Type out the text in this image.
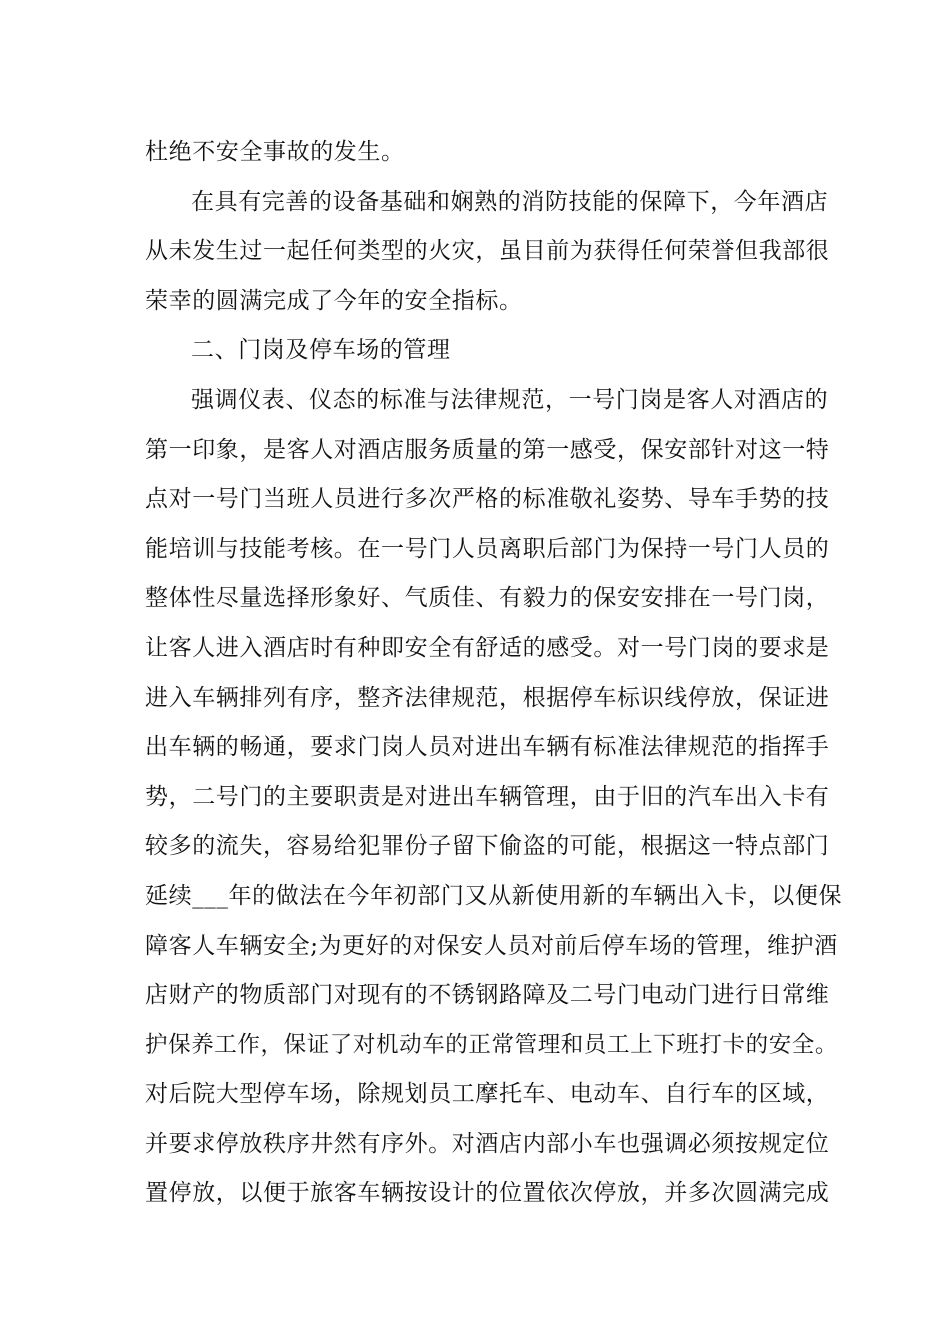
杜绝不安全事故的发生。
在具有完善的设备基础和娴熟的消防技能的保障下，今年酒店
从未发生过一起任何类型的火灾，虽目前为获得任何荣誉但我部很
荣幸的圆满完成了今年的安全指标。
二、门岗及停车场的管理
强调仪表、仪态的标准与法律规范，一号门岗是客人对酒店的
第一印象，是客人对酒店服务质量的第一感受，保安部针对这一特
点对一号门当班人员进行多次严格的标准敬礼姿势、导车手势的技
能培训与技能考核。在一号门人员离职后部门为保持一号门人员的
整体性尽量选择形象好、气质佳、有毅力的保安安排在一号门岗，
让客人进入酒店时有种即安全有舒适的感受。对一号门岗的要求是
进入车辆排列有序，整齐法律规范，根据停车标识线停放，保证进
出车辆的畅通，要求门岗人员对进出车辆有标准法律规范的指挥手
势，二号门的主要职责是对进出车辆管理，由于旧的汽车出入卡有
较多的流失，容易给犯罪份子留下偷盗的可能，根据这一特点部门
延续___年的做法在今年初部门又从新使用新的车辆出入卡，以便保
障客人车辆安全;为更好的对保安人员对前后停车场的管理，维护酒
店财产的物质部门对现有的不锈钢路障及二号门电动门进行日常维
护保养工作，保证了对机动车的正常管理和员工上下班打卡的安全。
对后院大型停车场，除规划员工摩托车、电动车、自行车的区域，
并要求停放秩序井然有序外。对酒店内部小车也强调必须按规定位
置停放，以便于旅客车辆按设计的位置依次停放，并多次圆满完成
